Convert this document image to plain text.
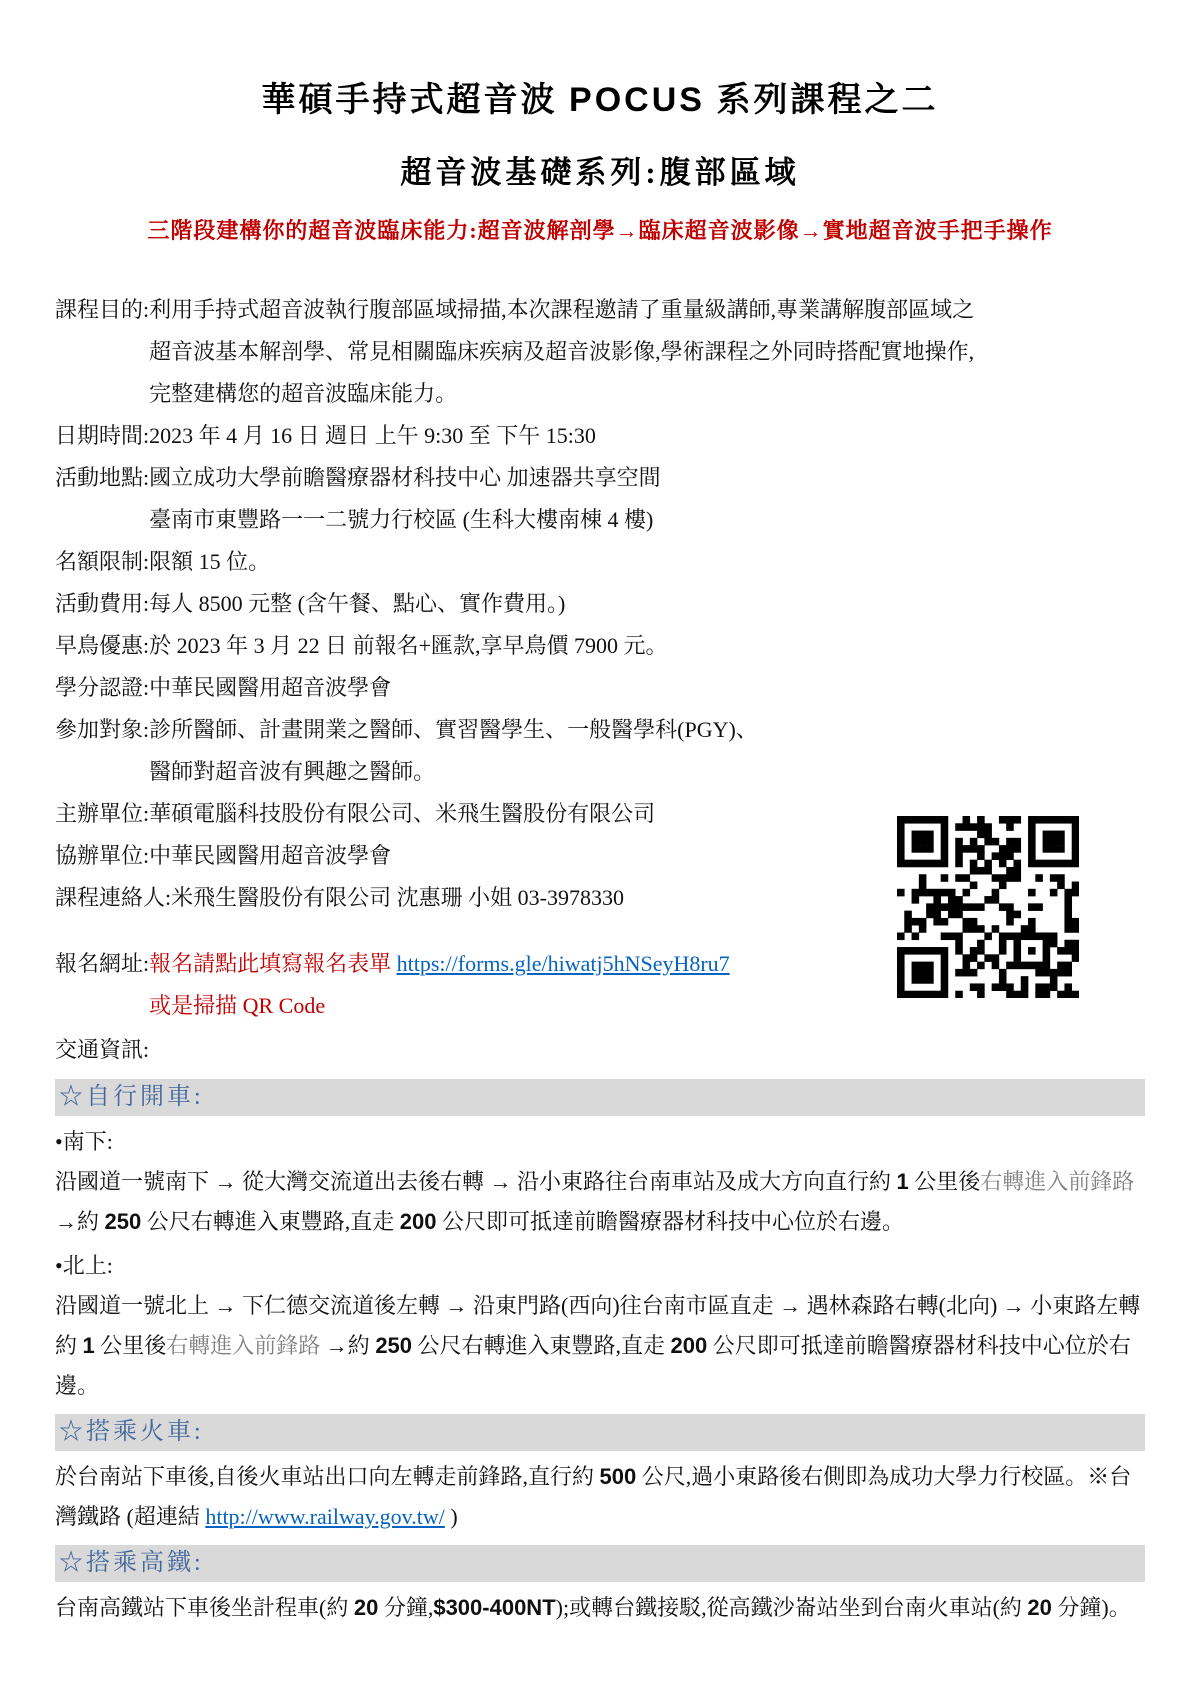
華碩手持式超音波 POCUS 系列課程之二
超音波基礎系列:腹部區域
三階段建構你的超音波臨床能力:超音波解剖學→臨床超音波影像→實地超音波手把手操作
課程目的: 利用手持式超音波執行腹部區域掃描,本次課程邀請了重量級講師,專業講解腹部區域之
超音波基本解剖學、常見相關臨床疾病及超音波影像,學術課程之外同時搭配實地操作,
完整建構您的超音波臨床能力。
日期時間: 2023 年 4 月 16 日 週日 上午 9:30 至 下午 15:30
活動地點: 國立成功大學前瞻醫療器材科技中心 加速器共享空間
臺南市東豐路一一二號力行校區 (生科大樓南棟 4 樓)
名額限制: 限額 15 位。
活動費用: 每人 8500 元整 (含午餐、點心、實作費用。)
早鳥優惠: 於 2023 年 3 月 22 日 前報名+匯款,享早鳥價 7900 元。
學分認證: 中華民國醫用超音波學會
參加對象: 診所醫師、計畫開業之醫師、實習醫學生、一般醫學科(PGY)、
醫師對超音波有興趣之醫師。
主辦單位: 華碩電腦科技股份有限公司、米飛生醫股份有限公司
協辦單位: 中華民國醫用超音波學會
課程連絡人: 米飛生醫股份有限公司 沈惠珊 小姐 03-3978330
報名網址: 報名請點此填寫報名表單 https://forms.gle/hiwatj5hNSeyH8ru7
或是掃描 QR Code
交通資訊:
☆自行開車:
•南下:

沿國道一號南下 → 從大灣交流道出去後右轉 → 沿小東路往台南車站及成大方向直行約 1 公里後右轉進入前鋒路 →約 250 公尺右轉進入東豐路,直走 200 公尺即可抵達前瞻醫療器材科技中心位於右邊。

•北上:

沿國道一號北上 → 下仁德交流道後左轉 → 沿東門路(西向)往台南市區直走 → 遇林森路右轉(北向) → 小東路左轉約 1 公里後右轉進入前鋒路 →約 250 公尺右轉進入東豐路,直走 200 公尺即可抵達前瞻醫療器材科技中心位於右邊。

☆搭乘火車:

於台南站下車後,自後火車站出口向左轉走前鋒路,直行約 500 公尺,過小東路後右側即為成功大學力行校區。※台灣鐵路 (超連結 http://www.railway.gov.tw/ )

☆搭乘高鐵:

台南高鐵站下車後坐計程車(約 20 分鐘,$300-400NT);或轉台鐵接駁,從高鐵沙崙站坐到台南火車站(約 20 分鐘)。
